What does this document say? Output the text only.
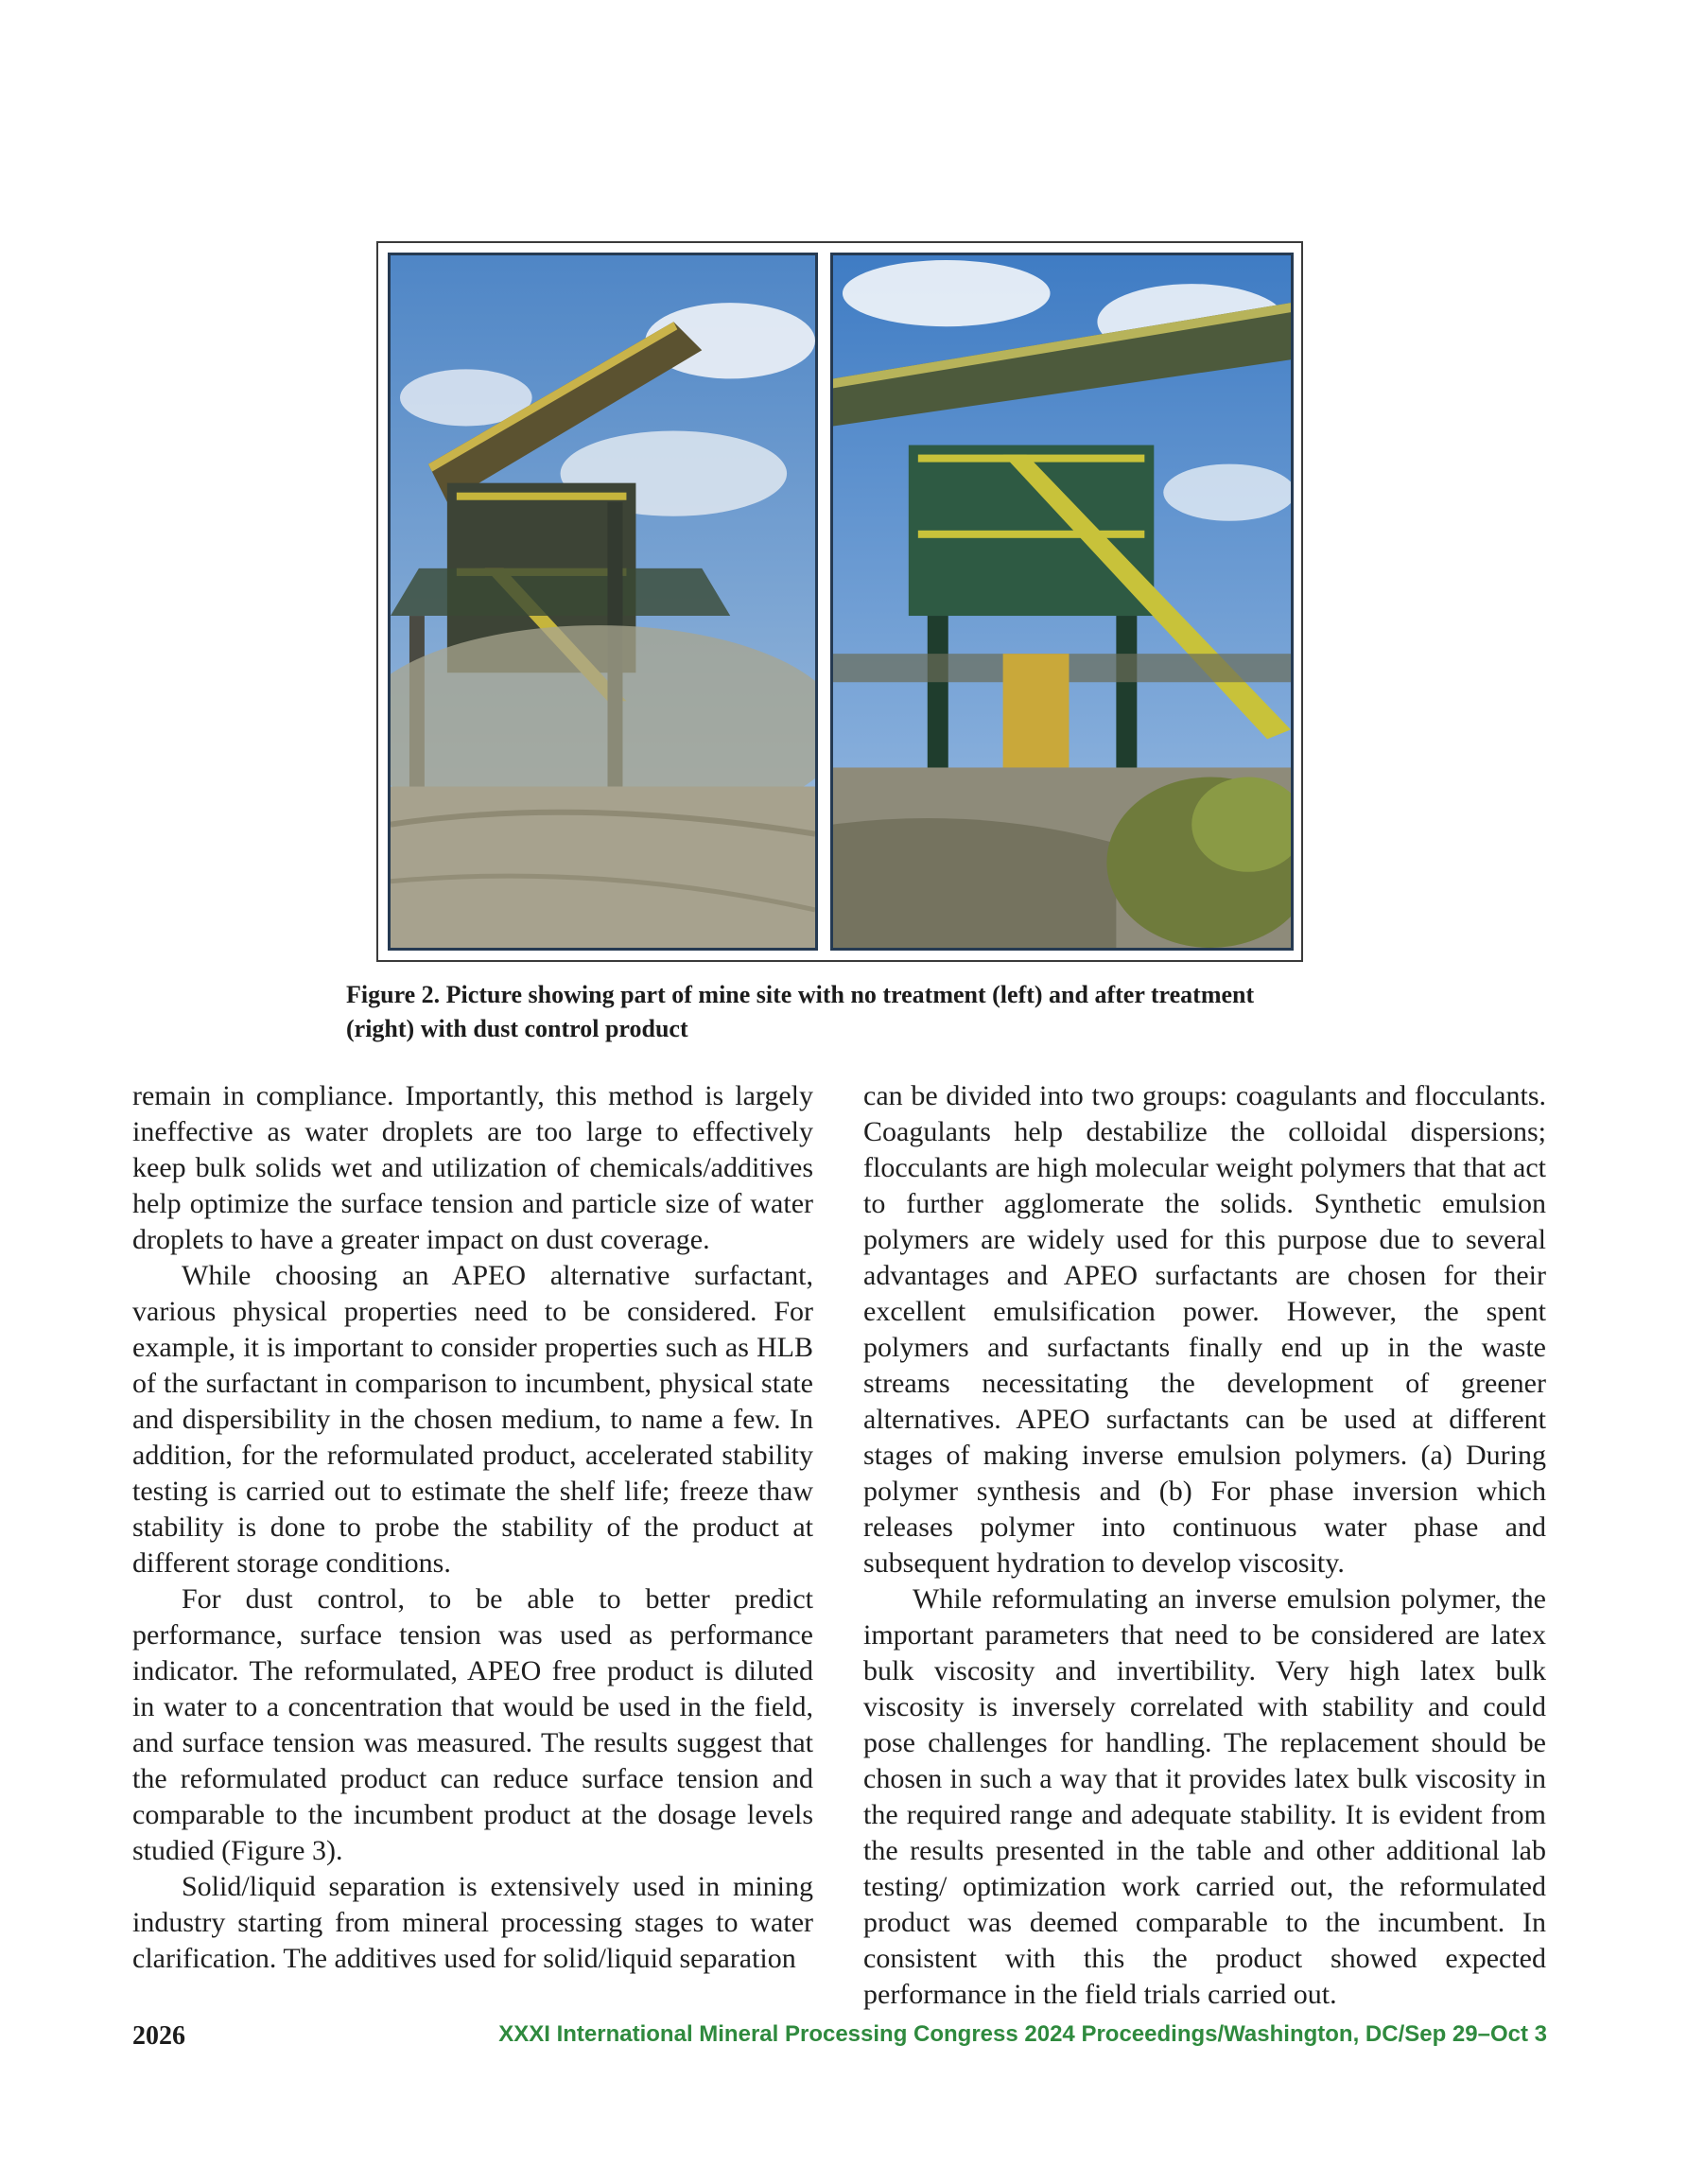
Figure 2. Picture showing part of mine site with no treatment (left) and after treatment
(right) with dust control product

remain in compliance. Importantly, this method is largely ineffective as water droplets are too large to effectively keep bulk solids wet and utilization of chemicals/additives help optimize the surface tension and particle size of water droplets to have a greater impact on dust coverage.

While choosing an APEO alternative surfactant, various physical properties need to be considered. For example, it is important to consider properties such as HLB of the surfactant in comparison to incumbent, physical state and dispersibility in the chosen medium, to name a few. In addition, for the reformulated product, accelerated stability testing is carried out to estimate the shelf life; freeze thaw stability is done to probe the stability of the product at different storage conditions.

For dust control, to be able to better predict performance, surface tension was used as performance indicator. The reformulated, APEO free product is diluted in water to a concentration that would be used in the field, and surface tension was measured. The results suggest that the reformulated product can reduce surface tension and comparable to the incumbent product at the dosage levels studied (Figure 3).

Solid/liquid separation is extensively used in mining industry starting from mineral processing stages to water clarification. The additives used for solid/liquid separation

can be divided into two groups: coagulants and flocculants. Coagulants help destabilize the colloidal dispersions; flocculants are high molecular weight polymers that that act to further agglomerate the solids. Synthetic emulsion polymers are widely used for this purpose due to several advantages and APEO surfactants are chosen for their excellent emulsification power. However, the spent polymers and surfactants finally end up in the waste streams necessitating the development of greener alternatives. APEO surfactants can be used at different stages of making inverse emulsion polymers. (a) During polymer synthesis and (b) For phase inversion which releases polymer into continuous water phase and subsequent hydration to develop viscosity.

While reformulating an inverse emulsion polymer, the important parameters that need to be considered are latex bulk viscosity and invertibility. Very high latex bulk viscosity is inversely correlated with stability and could pose challenges for handling. The replacement should be chosen in such a way that it provides latex bulk viscosity in the required range and adequate stability. It is evident from the results presented in the table and other additional lab testing/ optimization work carried out, the reformulated product was deemed comparable to the incumbent. In consistent with this the product showed expected performance in the field trials carried out.

2026	XXXI International Mineral Processing Congress 2024 Proceedings/Washington, DC/Sep 29–Oct 3
